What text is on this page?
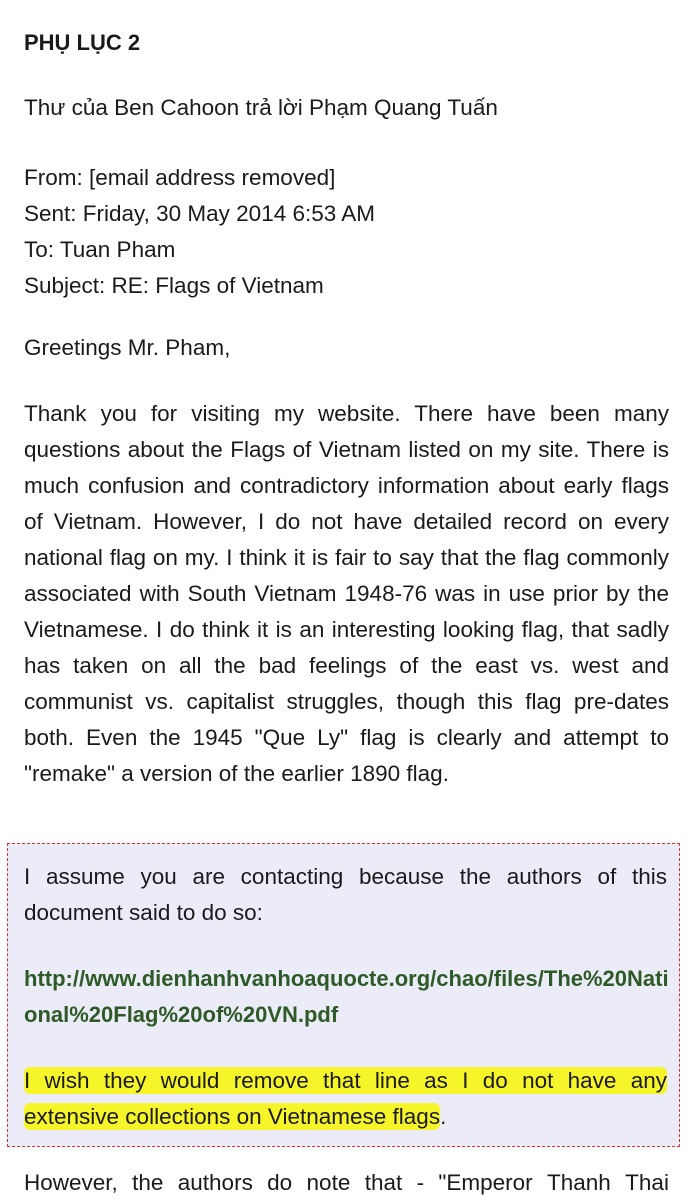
PHỤ LỤC 2
Thư của Ben Cahoon trả lời Phạm Quang Tuấn
From: [email address removed]
Sent: Friday, 30 May 2014 6:53 AM
To: Tuan Pham
Subject: RE: Flags of Vietnam
Greetings Mr. Pham,
Thank you for visiting my website. There have been many questions about the Flags of Vietnam listed on my site. There is much confusion and contradictory information about early flags of Vietnam. However, I do not have detailed record on every national flag on my. I think it is fair to say that the flag commonly associated with South Vietnam 1948-76 was in use prior by the Vietnamese. I do think it is an interesting looking flag, that sadly has taken on all the bad feelings of the east vs. west and communist vs. capitalist struggles, though this flag pre-dates both. Even the 1945 "Que Ly" flag is clearly and attempt to "remake" a version of the earlier 1890 flag.
However, the authors do note that - "Emperor Thanh Thai
I assume you are contacting because the authors of this document said to do so:
http://www.dienhanhvanhoaquocte.org/chao/files/The%20National%20Flag%20of%20VN.pdf
I wish they would remove that line as I do not have any extensive collections on Vietnamese flags.
